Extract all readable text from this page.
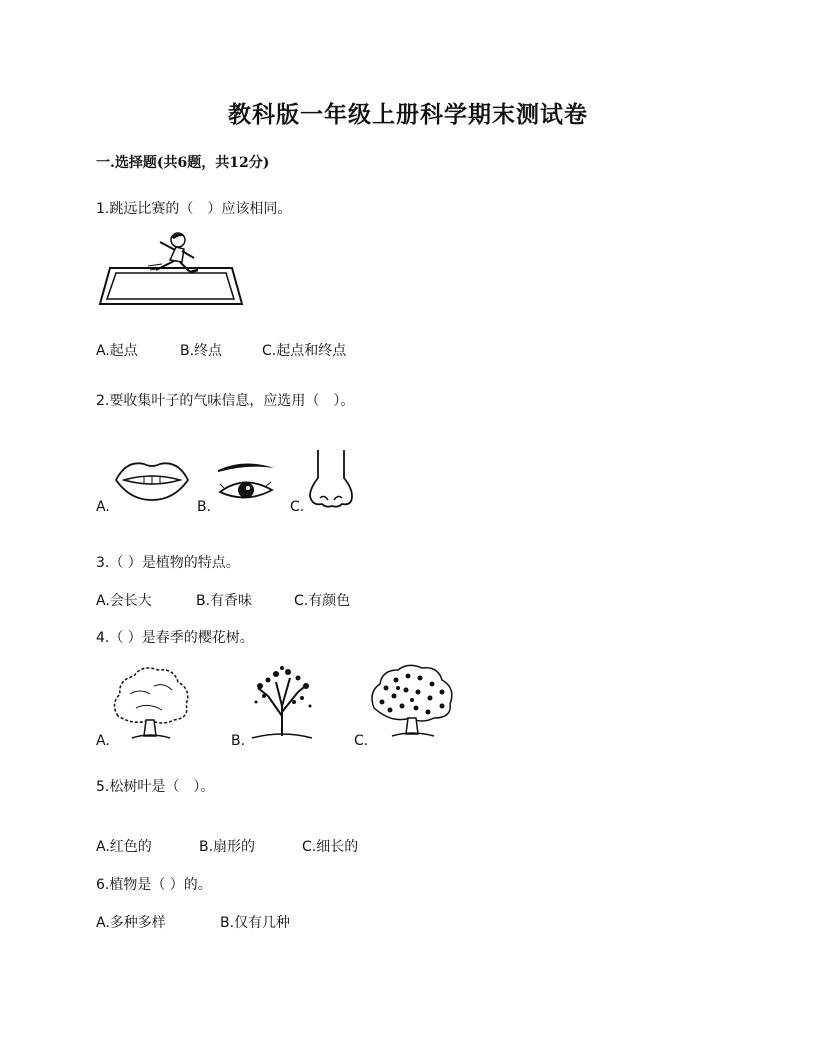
教科版一年级上册科学期末测试卷
一.选择题(共6题，共12分)
1.跳远比赛的（　）应该相同。
A.起点	B.终点	C.起点和终点
2.要收集叶子的气味信息，应选用（　）。
A.	B.	C.
3.（ ）是植物的特点。
A.会长大	B.有香味	C.有颜色
4.（ ）是春季的樱花树。
A.	B.	C.
5.松树叶是（　）。
A.红色的	B.扇形的	C.细长的
6.植物是（ ）的。
A.多种多样	B.仅有几种
